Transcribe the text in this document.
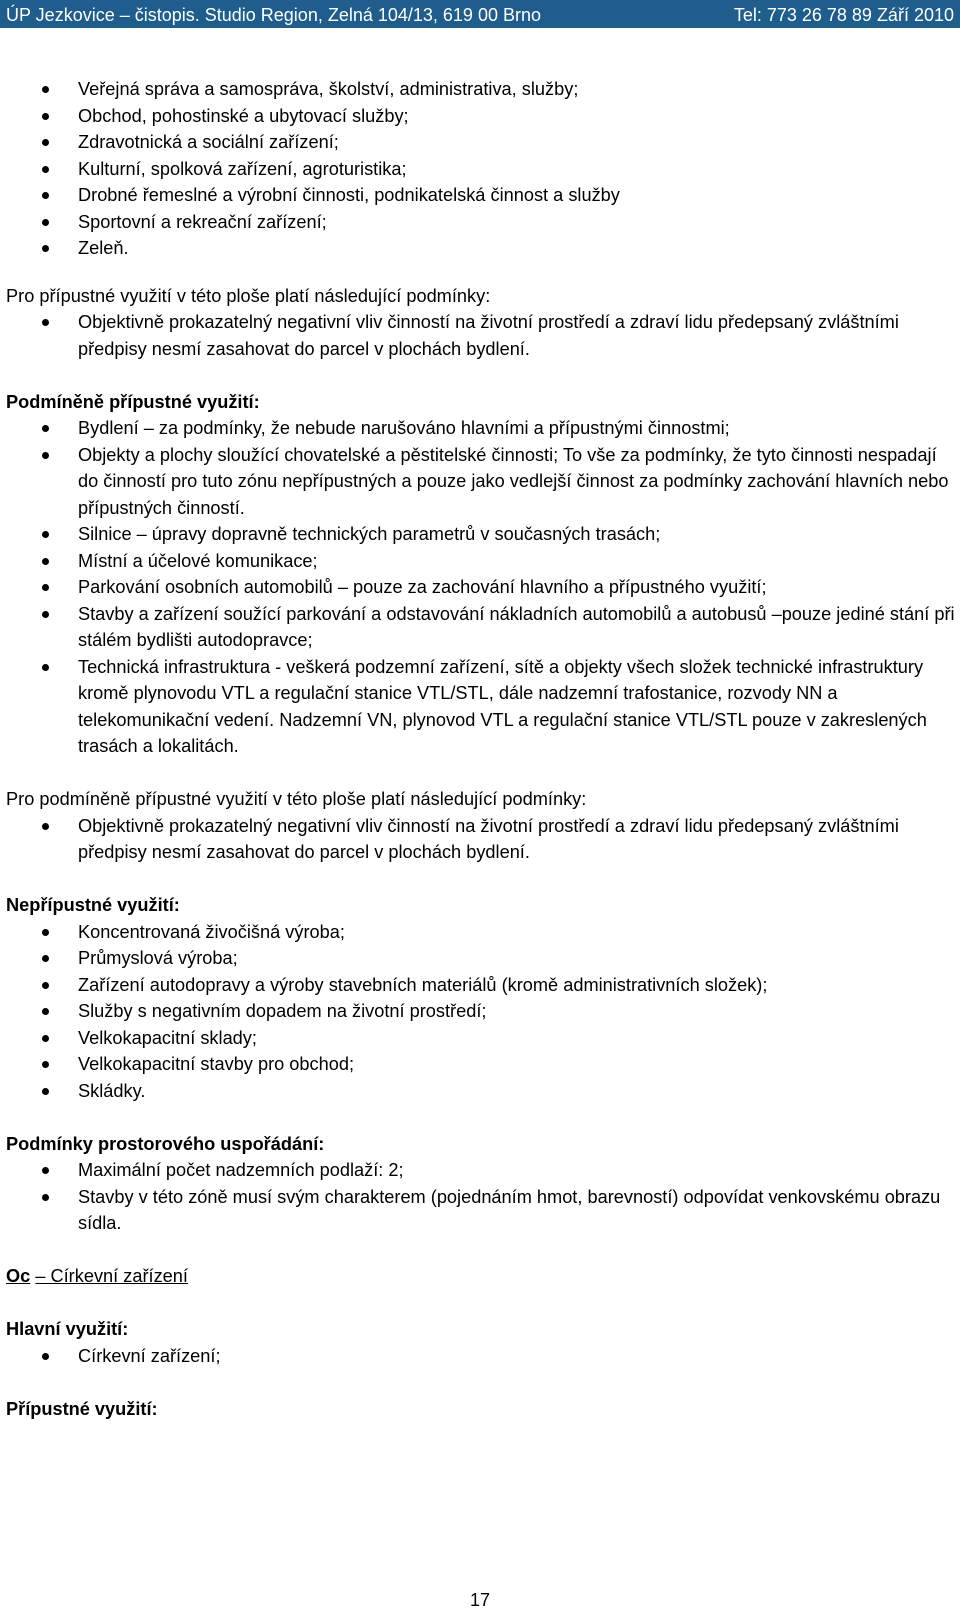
ÚP Jezkovice – čistopis. Studio Region, Zelná 104/13, 619 00 Brno	Tel: 773 26 78 89 Září 2010
Veřejná správa a samospráva, školství, administrativa, služby;
Obchod, pohostinské a ubytovací služby;
Zdravotnická a sociální zařízení;
Kulturní, spolková zařízení, agroturistika;
Drobné řemeslné a výrobní činnosti, podnikatelská činnost a služby
Sportovní a rekreační zařízení;
Zeleň.

Pro přípustné využití v této ploše platí následující podmínky:

Objektivně prokazatelný negativní vliv činností na životní prostředí a zdraví lidu předepsaný zvláštními předpisy nesmí zasahovat do parcel v plochách bydlení.

Podmíněně přípustné využití:

Bydlení – za podmínky, že nebude narušováno hlavními a přípustnými činnostmi;
Objekty a plochy sloužící chovatelské a pěstitelské činnosti; To vše za podmínky, že tyto činnosti nespadají do činností pro tuto zónu nepřípustných a pouze jako vedlejší činnost za podmínky zachování hlavních nebo přípustných činností.
Silnice – úpravy dopravně technických parametrů v současných trasách;
Místní a účelové komunikace;
Parkování osobních automobilů – pouze za zachování hlavního a přípustného využití;
Stavby a zařízení soužící parkování a odstavování nákladních automobilů a autobusů –pouze jediné stání při stálém bydlišti autodopravce;
Technická infrastruktura - veškerá podzemní zařízení, sítě a objekty všech složek technické infrastruktury kromě plynovodu VTL a regulační stanice VTL/STL, dále nadzemní trafostanice, rozvody NN a telekomunikační vedení. Nadzemní VN, plynovod VTL a regulační stanice VTL/STL pouze v zakreslených trasách a lokalitách.

Pro podmíněně přípustné využití v této ploše platí následující podmínky:

Objektivně prokazatelný negativní vliv činností na životní prostředí a zdraví lidu předepsaný zvláštními předpisy nesmí zasahovat do parcel v plochách bydlení.

Nepřípustné využití:

Koncentrovaná živočišná výroba;
Průmyslová výroba;
Zařízení autodopravy a výroby stavebních materiálů (kromě administrativních složek);
Služby s negativním dopadem na životní prostředí;
Velkokapacitní sklady;
Velkokapacitní stavby pro obchod;
Skládky.

Podmínky prostorového uspořádání:

Maximální počet nadzemních podlaží: 2;
Stavby v této zóně musí svým charakterem (pojednáním hmot, barevností) odpovídat venkovskému obrazu sídla.

Oc – Církevní zařízení

Hlavní využití:

Církevní zařízení;

Přípustné využití:

17
